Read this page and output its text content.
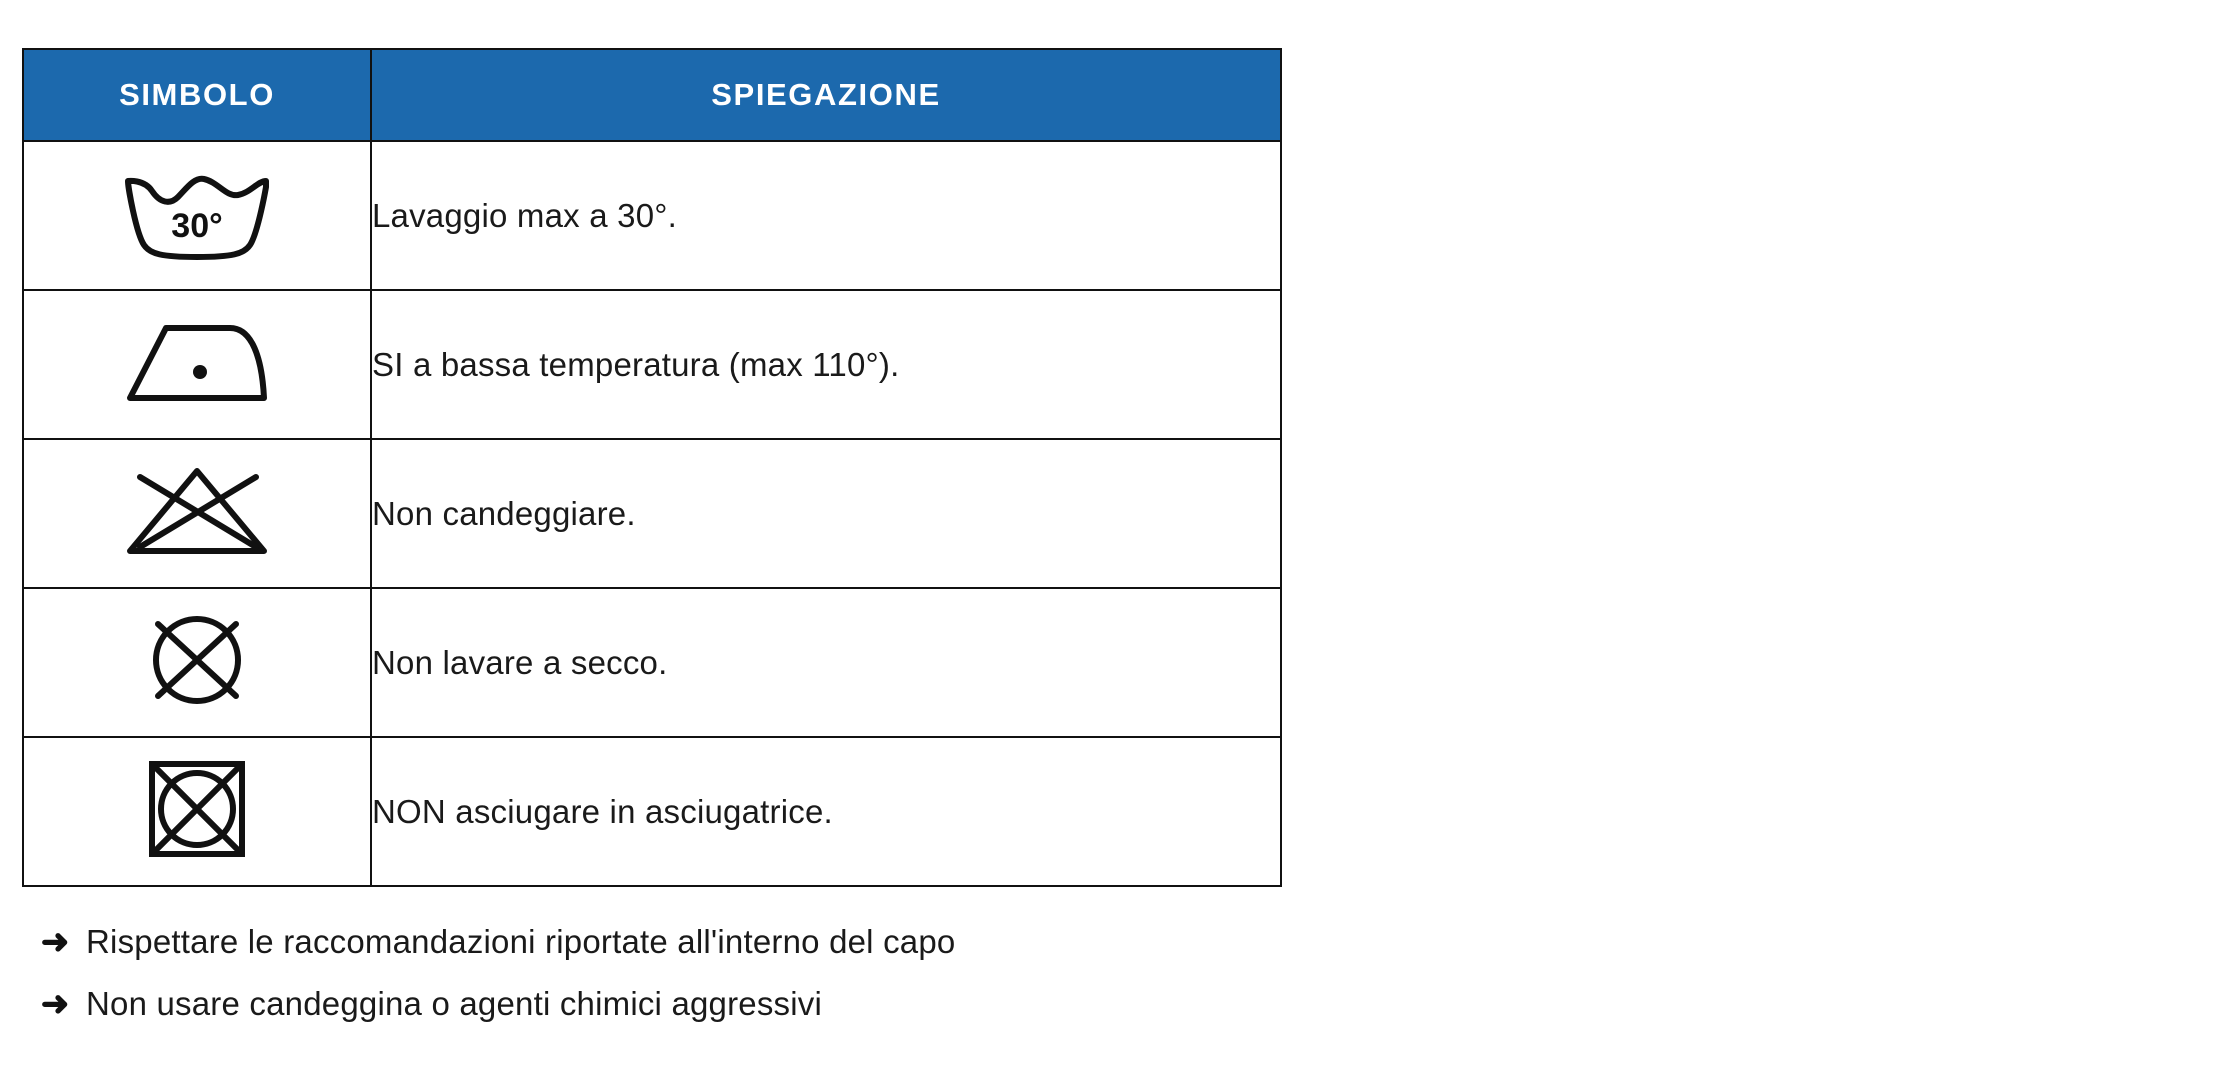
SIMBOLO	SPIEGAZIONE

30°	Lavaggio max a 30°.
	SI a bassa temperatura (max 110°).
	Non candeggiare.
	Non lavare a secco.
	NON asciugare in asciugatrice.
➜ Rispettare le raccomandazioni riportate all'interno del capo
➜ Non usare candeggina o agenti chimici aggressivi
